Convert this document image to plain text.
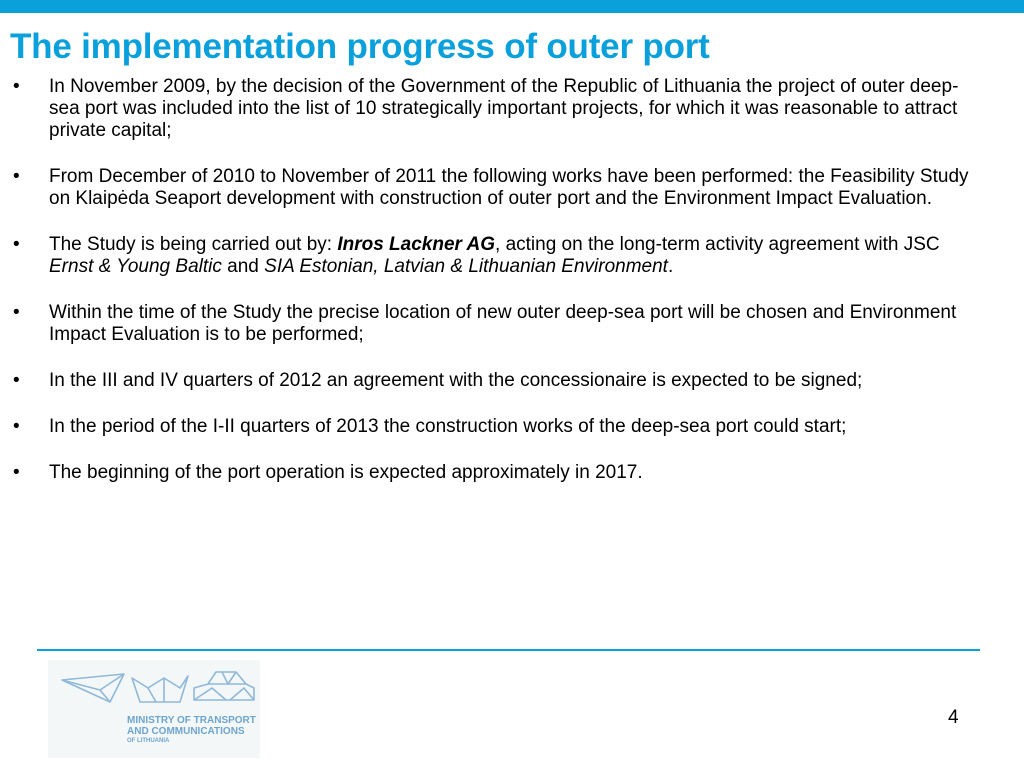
The implementation progress of outer port
• In November 2009, by the decision of the Government of the Republic of Lithuania the project of outer deep-sea port was included into the list of 10 strategically important projects, for which it was reasonable to attract private capital;
• From December of 2010 to November of 2011 the following works have been performed: the Feasibility Study on Klaipėda Seaport development with construction of outer port and the Environment Impact Evaluation.
• The Study is being carried out by: Inros Lackner AG, acting on the long-term activity agreement with JSC Ernst & Young Baltic and SIA Estonian, Latvian & Lithuanian Environment.
• Within the time of the Study the precise location of new outer deep-sea port will be chosen and Environment Impact Evaluation is to be performed;
• In the III and IV quarters of 2012 an agreement with the concessionaire is expected to be signed;
• In the period of the I-II quarters of 2013 the construction works of the deep-sea port could start;
• The beginning of the port operation is expected approximately in 2017.
MINISTRY OF TRANSPORT
AND COMMUNICATIONS
OF LITHUANIA
4
